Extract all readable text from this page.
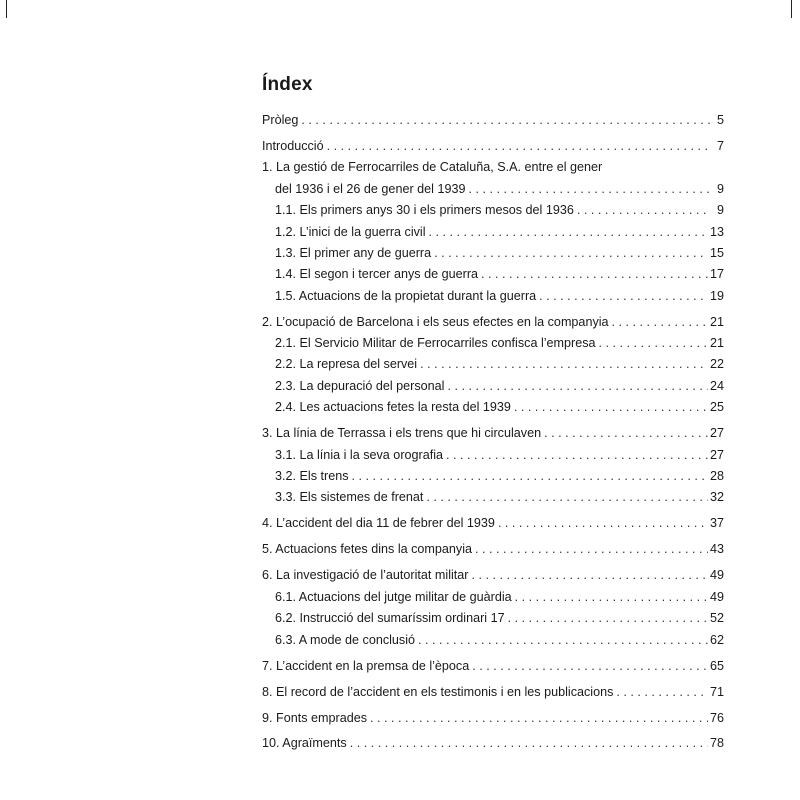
Índex
Pròleg . . .	5
Introducció . . .	7
1. La gestió de Ferrocarriles de Cataluña, S.A. entre el gener
del 1936 i el 26 de gener del 1939 . . .	9
1.1. Els primers anys 30 i els primers mesos del 1936 . . .	9
1.2. L’inici de la guerra civil . . .	13
1.3. El primer any de guerra . . .	15
1.4. El segon i tercer anys de guerra . . .	17
1.5. Actuacions de la propietat durant la guerra . . .	19
2. L’ocupació de Barcelona i els seus efectes en la companyia . . .	21
2.1. El Servicio Militar de Ferrocarriles confisca l’empresa . . .	21
2.2. La represa del servei . . .	22
2.3. La depuració del personal . . .	24
2.4. Les actuacions fetes la resta del 1939 . . .	25
3. La línia de Terrassa i els trens que hi circulaven . . .	27
3.1. La línia i la seva orografia . . .	27
3.2. Els trens . . .	28
3.3. Els sistemes de frenat . . .	32
4. L’accident del dia 11 de febrer del 1939 . . .	37
5. Actuacions fetes dins la companyia . . .	43
6. La investigació de l’autoritat militar . . .	49
6.1. Actuacions del jutge militar de guàrdia . . .	49
6.2. Instrucció del sumaríssim ordinari 17 . . .	52
6.3. A mode de conclusió . . .	62
7. L’accident en la premsa de l’època . . .	65
8. El record de l’accident en els testimonis i en les publicacions . . .	71
9. Fonts emprades . . .	76
10. Agraïments . . .	78
